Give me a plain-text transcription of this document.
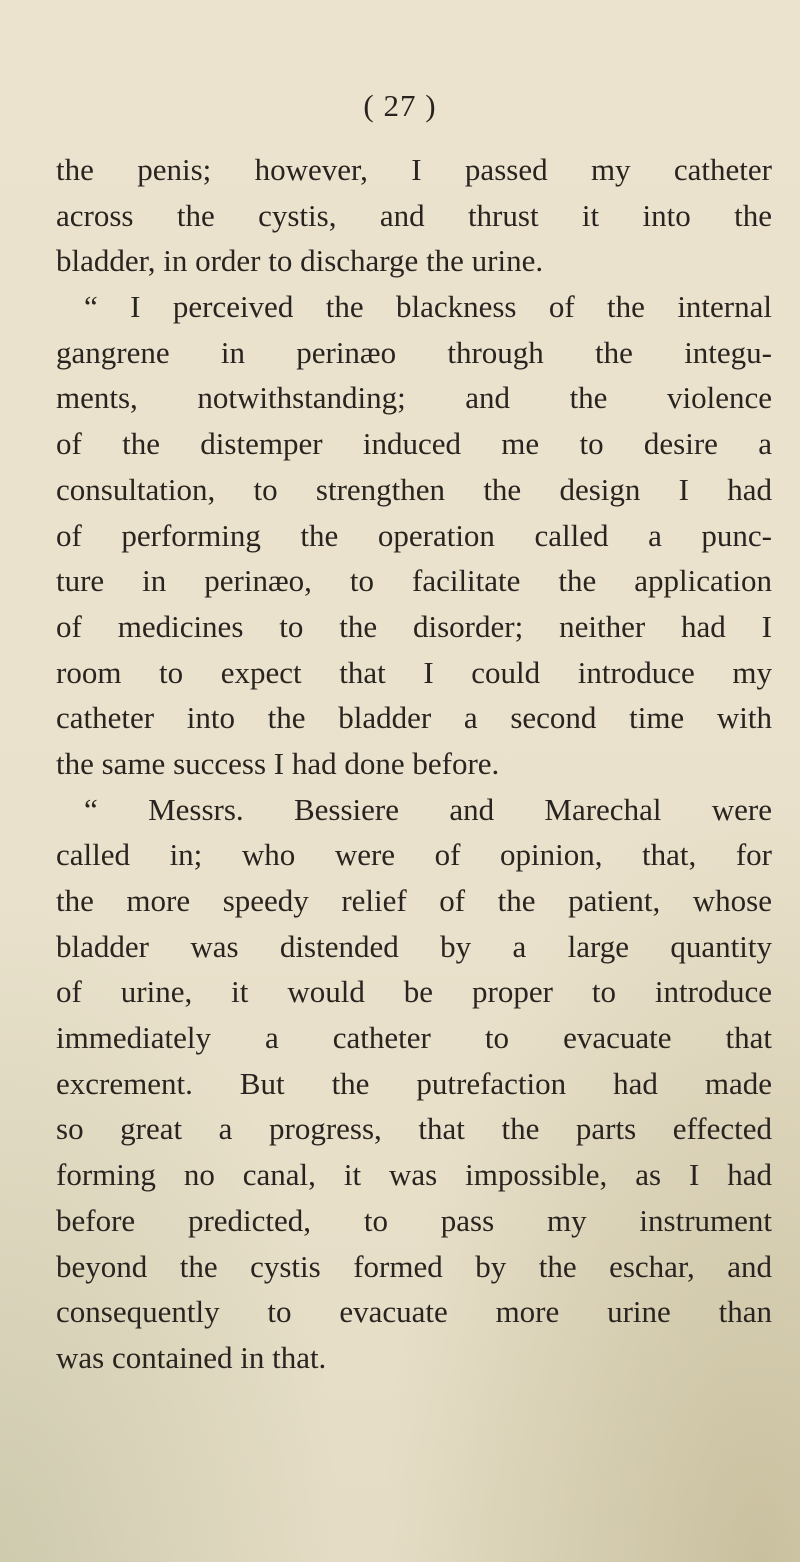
( 27 )
the penis; however, I passed my catheter
across the cystis, and thrust it into the
bladder, in order to discharge the urine.
“ I perceived the blackness of the internal
gangrene in perinæo through the integu-
ments, notwithstanding; and the violence
of the distemper induced me to desire a
consultation, to strengthen the design I had
of performing the operation called a punc-
ture in perinæo, to facilitate the application
of medicines to the disorder; neither had I
room to expect that I could introduce my
catheter into the bladder a second time with
the same success I had done before.
“ Messrs. Bessiere and Marechal were
called in; who were of opinion, that, for
the more speedy relief of the patient, whose
bladder was distended by a large quantity
of urine, it would be proper to introduce
immediately a catheter to evacuate that
excrement. But the putrefaction had made
so great a progress, that the parts effected
forming no canal, it was impossible, as I had
before predicted, to pass my instrument
beyond the cystis formed by the eschar, and
consequently to evacuate more urine than
was contained in that.
